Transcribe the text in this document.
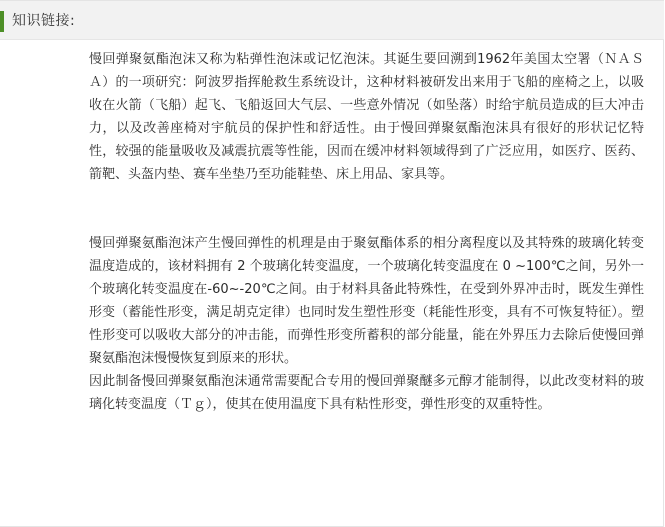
知识链接:

慢回弹聚氨酯泡沫又称为粘弹性泡沫或记忆泡沫。其诞生要回溯到1962年美国太空署（ＮＡＳＡ）的一项研究：阿波罗指挥舱救生系统设计，这种材料被研发出来用于飞船的座椅之上，以吸收在火箭（飞船）起飞、飞船返回大气层、一些意外情况（如坠落）时给宇航员造成的巨大冲击力，以及改善座椅对宇航员的保护性和舒适性。由于慢回弹聚氨酯泡沫具有很好的形状记忆特性，较强的能量吸收及减震抗震等性能，因而在缓冲材料领域得到了广泛应用，如医疗、医药、箭靶、头盔内垫、赛车坐垫乃至功能鞋垫、床上用品、家具等。

慢回弹聚氨酯泡沫产生慢回弹性的机理是由于聚氨酯体系的相分离程度以及其特殊的玻璃化转变温度造成的，该材料拥有 2 个玻璃化转变温度，一个玻璃化转变温度在 0 ~100℃之间，另外一个玻璃化转变温度在-60~-20℃之间。由于材料具备此特殊性，在受到外界冲击时，既发生弹性形变（蓄能性形变，满足胡克定律）也同时发生塑性形变（耗能性形变，具有不可恢复特征）。塑性形变可以吸收大部分的冲击能，而弹性形变所蓄积的部分能量，能在外界压力去除后使慢回弹聚氨酯泡沫慢慢恢复到原来的形状。

因此制备慢回弹聚氨酯泡沫通常需要配合专用的慢回弹聚醚多元醇才能制得，以此改变材料的玻璃化转变温度（Ｔｇ），使其在使用温度下具有粘性形变，弹性形变的双重特性。
